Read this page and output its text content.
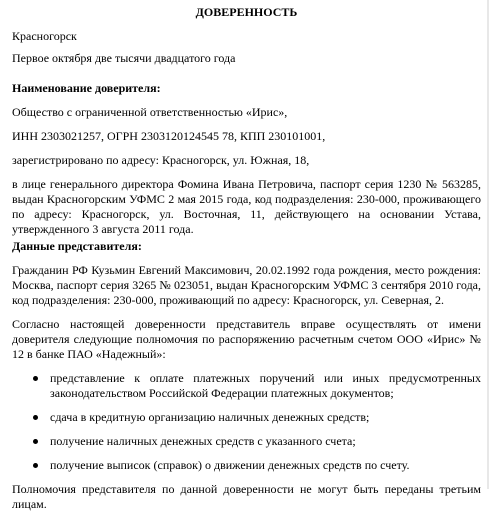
ДОВЕРЕННОСТЬ

Красногорск

Первое октября две тысячи двадцатого года

Наименование доверителя:

Общество с ограниченной ответственностью «Ирис»,

ИНН 2303021257, ОГРН 2303120124545 78, КПП 230101001,

зарегистрировано по адресу: Красногорск, ул. Южная, 18,

в лице генерального директора Фомина Ивана Петровича, паспорт серия 1230 № 563285, выдан Красногорским УФМС 2 мая 2015 года, код подразделения: 230-000, проживающего по адресу: Красногорск, ул. Восточная, 11, действующего на основании Устава, утвержденного 3 августа 2011 года.

Данные представителя:

Гражданин РФ Кузьмин Евгений Максимович, 20.02.1992 года рождения, место рождения: Москва, паспорт серия 3265 № 023051, выдан Красногорским УФМС 3 сентября 2010 года, код подразделения: 230-000, проживающий по адресу: Красногорск, ул. Северная, 2.

Согласно настоящей доверенности представитель вправе осуществлять от имени доверителя следующие полномочия по распоряжению расчетным счетом ООО «Ирис» № 12 в банке ПАО «Надежный»:

представление к оплате платежных поручений или иных предусмотренных законодательством Российской Федерации платежных документов;
сдача в кредитную организацию наличных денежных средств;
получение наличных денежных средств с указанного счета;
получение выписок (справок) о движении денежных средств по счету.

Полномочия представителя по данной доверенности не могут быть переданы третьим лицам.
